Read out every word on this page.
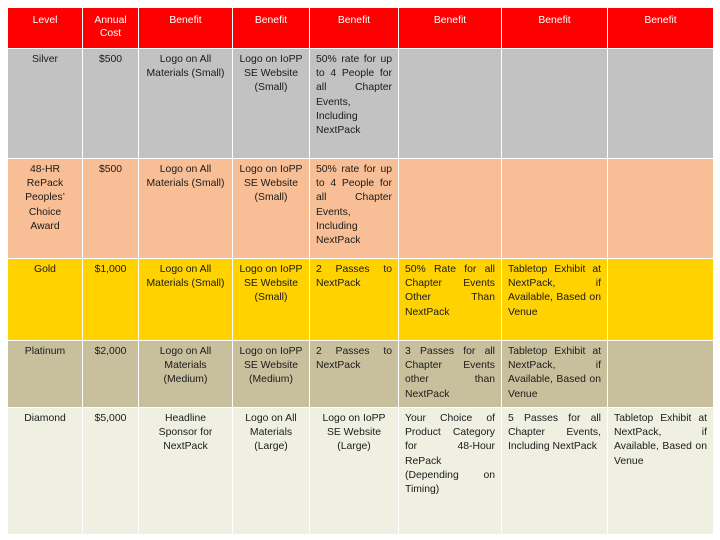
Level	Annual Cost	Benefit	Benefit	Benefit	Benefit	Benefit	Benefit
Silver	$500	Logo on All Materials (Small)	Logo on IoPP SE Website (Small)	50% rate for up to 4 People for all Chapter Events, Including NextPack			
48-HR RePack Peoples’ Choice Award	$500	Logo on All Materials (Small)	Logo on IoPP SE Website (Small)	50% rate for up to 4 People for all Chapter Events, Including NextPack			
Gold	$1,000	Logo on All Materials (Small)	Logo on IoPP SE Website (Small)	2 Passes to NextPack	50% Rate for all Chapter Events Other Than NextPack	Tabletop Exhibit at NextPack, if Available, Based on Venue	
Platinum	$2,000	Logo on All Materials (Medium)	Logo on IoPP SE Website (Medium)	2 Passes to NextPack	3 Passes for all Chapter Events other than NextPack	Tabletop Exhibit at NextPack, if Available, Based on Venue	
Diamond	$5,000	Headline Sponsor for NextPack	Logo on All Materials (Large)	Logo on IoPP SE Website (Large)	Your Choice of Product Category for 48-Hour RePack (Depending on Timing)	5 Passes for all Chapter Events, Including NextPack	Tabletop Exhibit at NextPack, if Available, Based on Venue
